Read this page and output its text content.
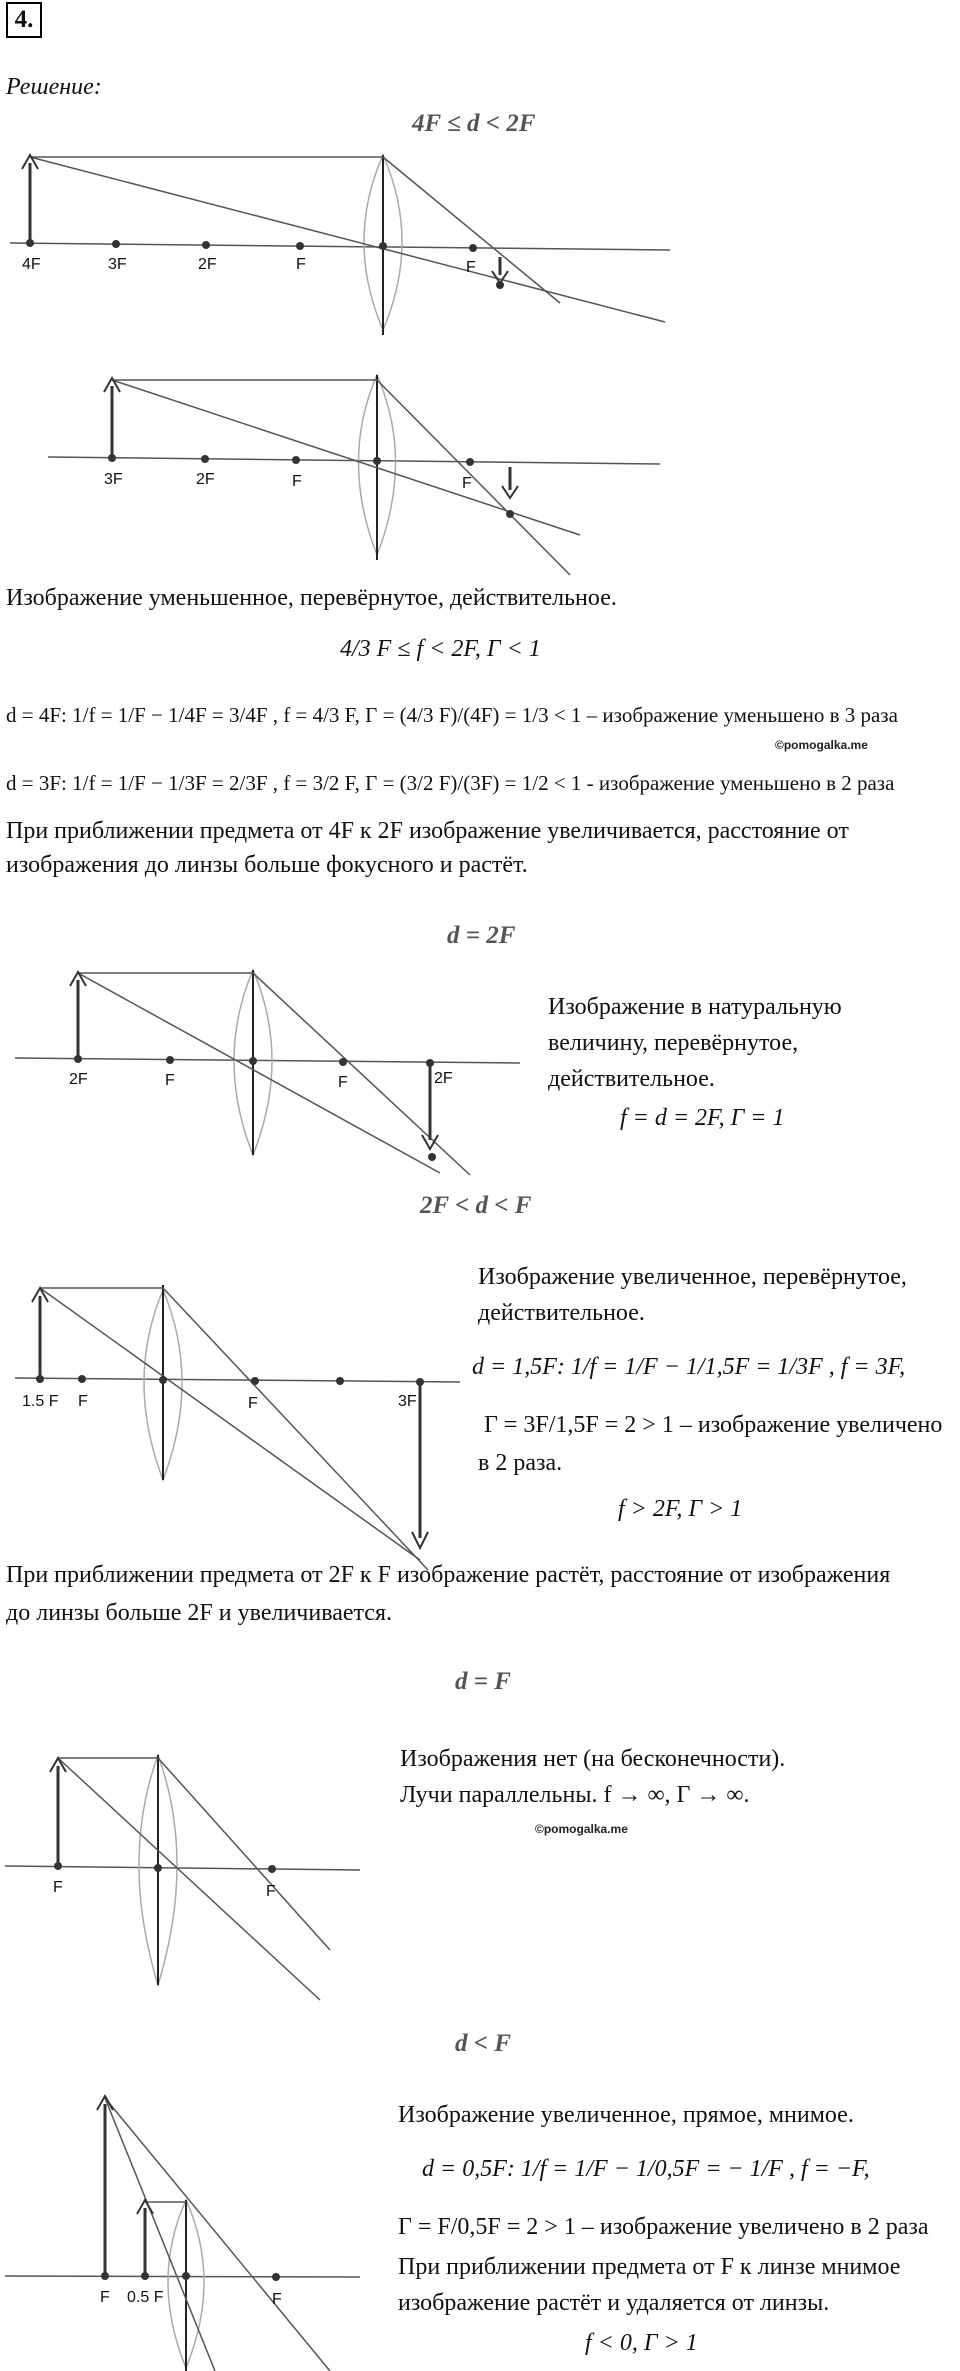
4.
Решение:
4F ≤ d < 2F
4F	3F	2F	F	F
3F	2F	F	F
Изображение уменьшенное, перевёрнутое, действительное.
4/3 F ≤ f < 2F, Γ < 1
d = 4F: 1/f = 1/F − 1/4F = 3/4F , f = 4/3 F, Γ = (4/3 F)/(4F) = 1/3 < 1 – изображение уменьшено в 3 раза
©pomogalka.me
d = 3F: 1/f = 1/F − 1/3F = 2/3F , f = 3/2 F, Γ = (3/2 F)/(3F) = 1/2 < 1 - изображение уменьшено в 2 раза
При приближении предмета от 4F к 2F изображение увеличивается, расстояние от
изображения до линзы больше фокусного и растёт.
d = 2F
2F	F	F	2F
Изображение в натуральную
величину, перевёрнутое,
действительное.
f = d = 2F, Γ = 1
2F < d < F
1.5 F F	F	3F
Изображение увеличенное, перевёрнутое,
действительное.
d = 1,5F: 1/f = 1/F − 1/1,5F = 1/3F , f = 3F,
Γ = 3F/1,5F = 2 > 1 – изображение увеличено
в 2 раза.
f > 2F, Γ > 1
При приближении предмета от 2F к F изображение растёт, расстояние от изображения
до линзы больше 2F и увеличивается.
d = F
F	F
Изображения нет (на бесконечности).
Лучи параллельны. f → ∞, Γ → ∞.
©pomogalka.me
d < F
F 0.5 F	F
Изображение увеличенное, прямое, мнимое.
d = 0,5F: 1/f = 1/F − 1/0,5F = − 1/F , f = −F,
Γ = F/0,5F = 2 > 1 – изображение увеличено в 2 раза
При приближении предмета от F к линзе мнимое
изображение растёт и удаляется от линзы.
f < 0, Γ > 1
